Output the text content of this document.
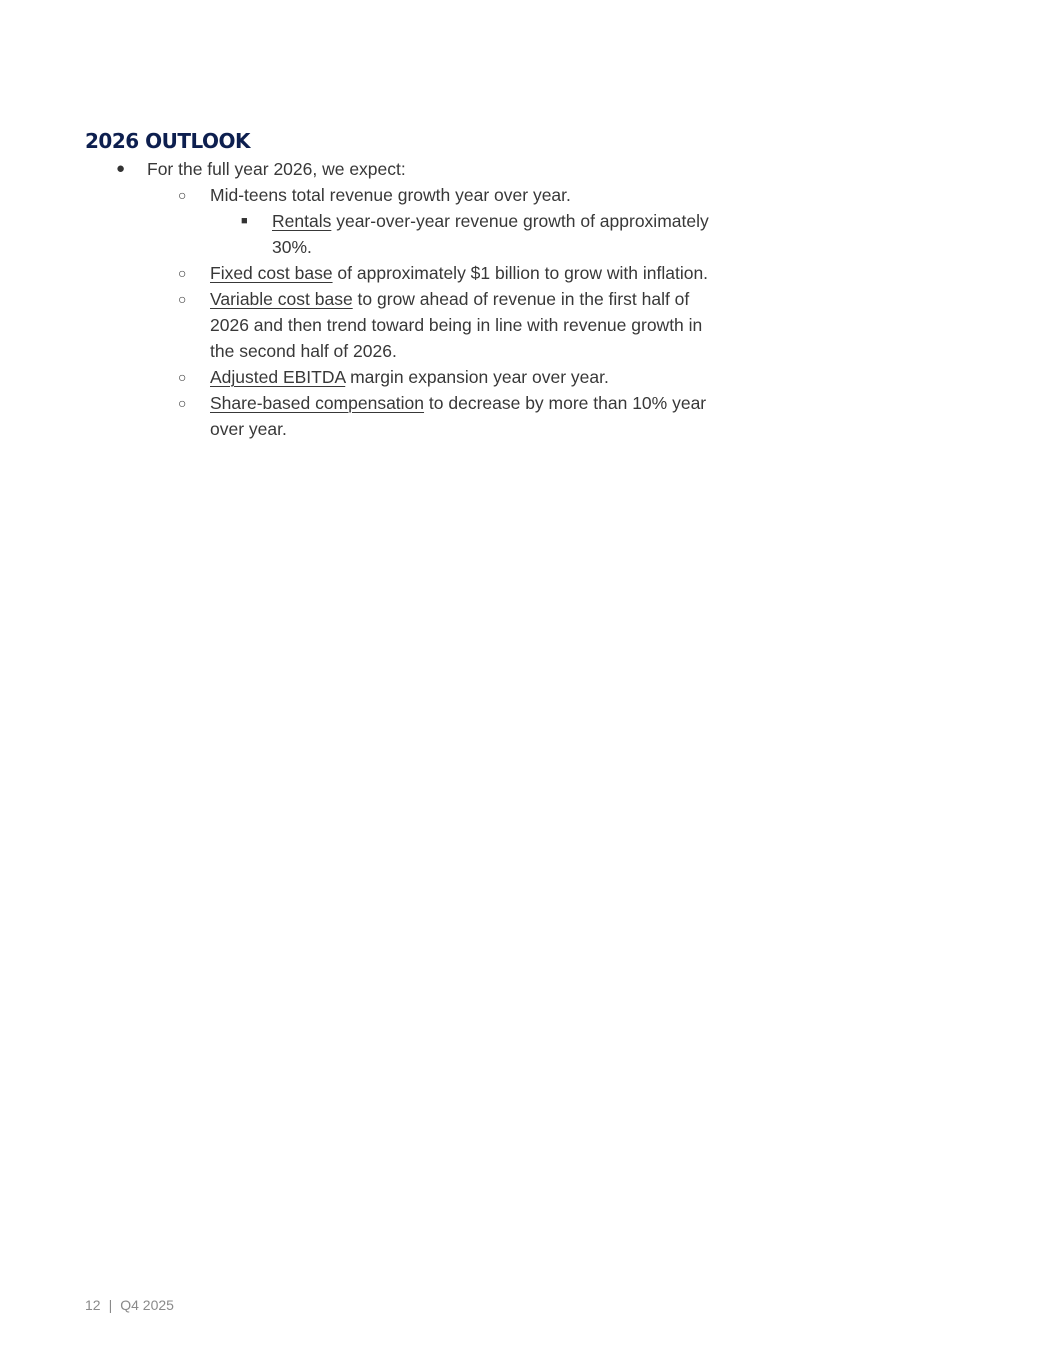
2026 OUTLOOK
● For the full year 2026, we expect:
○ Mid-teens total revenue growth year over year.
■ Rentals year-over-year revenue growth of approximately
30%.
○ Fixed cost base of approximately $1 billion to grow with inflation.
○ Variable cost base to grow ahead of revenue in the first half of
2026 and then trend toward being in line with revenue growth in
the second half of 2026.
○ Adjusted EBITDA margin expansion year over year.
○ Share-based compensation to decrease by more than 10% year
over year.
12 | Q4 2025
